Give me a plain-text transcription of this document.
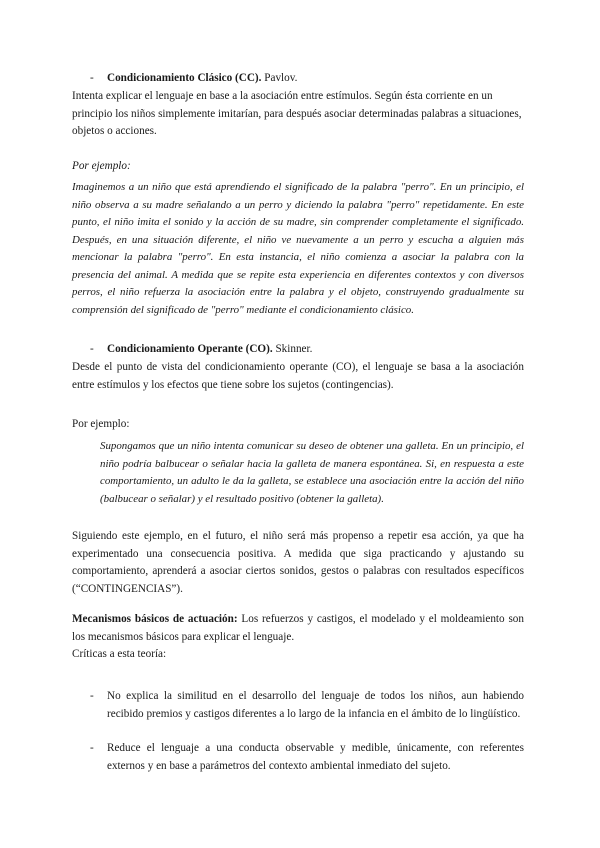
-	Condicionamiento Clásico (CC). Pavlov.
Intenta explicar el lenguaje en base a la asociación entre estímulos. Según ésta corriente en un principio los niños simplemente imitarían, para después asociar determinadas palabras a situaciones, objetos o acciones.
Por ejemplo:
Imaginemos a un niño que está aprendiendo el significado de la palabra "perro". En un principio, el niño observa a su madre señalando a un perro y diciendo la palabra "perro" repetidamente. En este punto, el niño imita el sonido y la acción de su madre, sin comprender completamente el significado. Después, en una situación diferente, el niño ve nuevamente a un perro y escucha a alguien más mencionar la palabra "perro". En esta instancia, el niño comienza a asociar la palabra con la presencia del animal. A medida que se repite esta experiencia en diferentes contextos y con diversos perros, el niño refuerza la asociación entre la palabra y el objeto, construyendo gradualmente su comprensión del significado de "perro" mediante el condicionamiento clásico.
-	Condicionamiento Operante (CO). Skinner.
Desde el punto de vista del condicionamiento operante (CO), el lenguaje se basa a la asociación entre estímulos y los efectos que tiene sobre los sujetos (contingencias).
Por ejemplo:
Supongamos que un niño intenta comunicar su deseo de obtener una galleta. En un principio, el niño podría balbucear o señalar hacia la galleta de manera espontánea. Si, en respuesta a este comportamiento, un adulto le da la galleta, se establece una asociación entre la acción del niño (balbucear o señalar) y el resultado positivo (obtener la galleta).
Siguiendo este ejemplo, en el futuro, el niño será más propenso a repetir esa acción, ya que ha experimentado una consecuencia positiva. A medida que siga practicando y ajustando su comportamiento, aprenderá a asociar ciertos sonidos, gestos o palabras con resultados específicos (“CONTINGENCIAS”).
Mecanismos básicos de actuación: Los refuerzos y castigos, el modelado y el moldeamiento son los mecanismos básicos para explicar el lenguaje.
Críticas a esta teoría:
-	No explica la similitud en el desarrollo del lenguaje de todos los niños, aun habiendo recibido premios y castigos diferentes a lo largo de la infancia en el ámbito de lo lingüístico.
-	Reduce el lenguaje a una conducta observable y medible, únicamente, con referentes externos y en base a parámetros del contexto ambiental inmediato del sujeto.
